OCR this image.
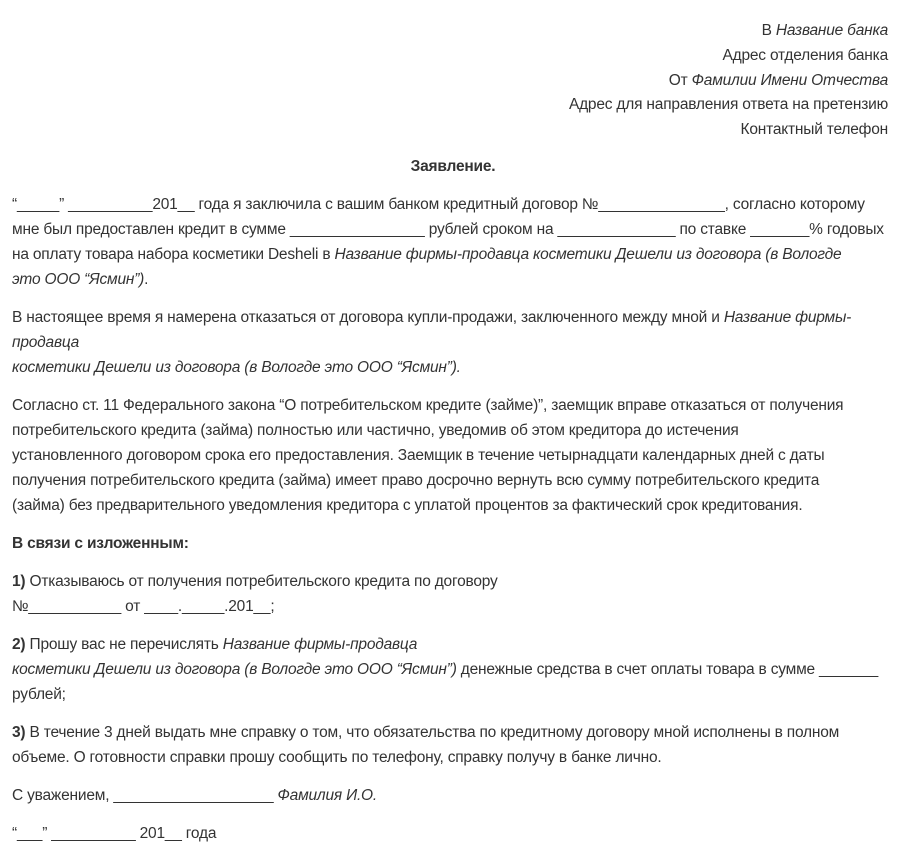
В Название банка
Адрес отделения банка
От Фамилии Имени Отчества
Адрес для направления ответа на претензию
Контактный телефон
Заявление.
“_____” __________201__ года я заключила с вашим банком кредитный договор №_______________, согласно которому
мне был предоставлен кредит в сумме ________________ рублей сроком на ______________ по ставке _______% годовых
на оплату товара набора косметики Desheli в Название фирмы-продавца косметики Дешели из договора (в Вологде
это ООО “Ясмин”).
В настоящее время я намерена отказаться от договора купли-продажи, заключенного между мной и Название фирмы-
продавца
косметики Дешели из договора (в Вологде это ООО “Ясмин”).
Согласно ст. 11 Федерального закона “О потребительском кредите (займе)”, заемщик вправе отказаться от получения
потребительского кредита (займа) полностью или частично, уведомив об этом кредитора до истечения
установленного договором срока его предоставления. Заемщик в течение четырнадцати календарных дней с даты
получения потребительского кредита (займа) имеет право досрочно вернуть всю сумму потребительского кредита
(займа) без предварительного уведомления кредитора с уплатой процентов за фактический срок кредитования.
В связи с изложенным:
1) Отказываюсь от получения потребительского кредита по договору
№___________ от ____._____.201__;
2) Прошу вас не перечислять Название фирмы-продавца
косметики Дешели из договора (в Вологде это ООО “Ясмин”) денежные средства в счет оплаты товара в сумме _______
рублей;
3) В течение 3 дней выдать мне справку о том, что обязательства по кредитному договору мной исполнены в полном
объеме. О готовности справки прошу сообщить по телефону, справку получу в банке лично.
С уважением, ___________________ Фамилия И.О.
“___” __________ 201__ года
